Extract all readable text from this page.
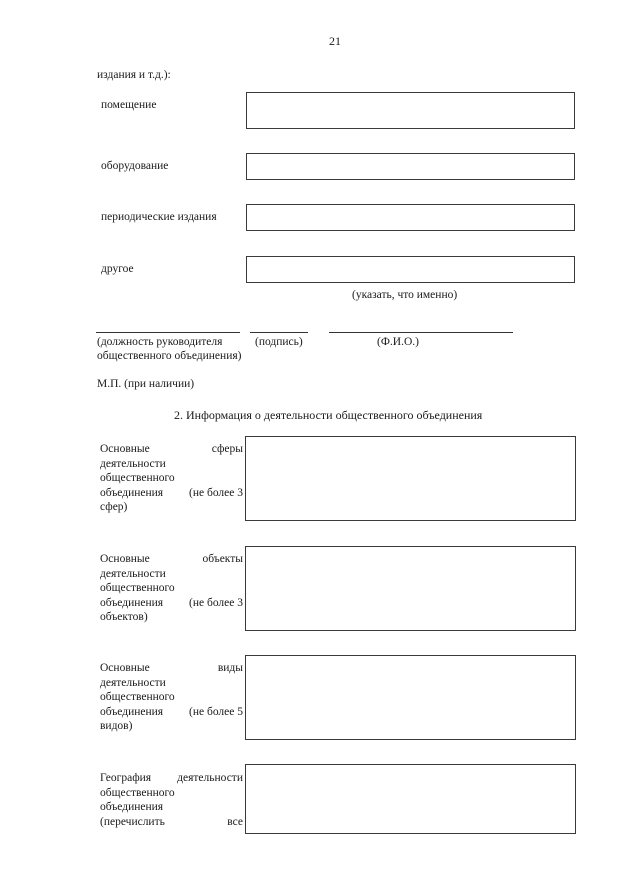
21
издания и т.д.):
помещение
оборудование
периодические издания
другое
(указать, что именно)
(должность руководителя	(подпись)	(Ф.И.О.)
общественного объединения)
М.П. (при наличии)
2. Информация о деятельности общественного объединения
Основные	сферы
деятельности
общественного
объединения (не более 3
сфер)
Основные	объекты
деятельности
общественного
объединения (не более 3
объектов)
Основные	виды
деятельности
общественного
объединения (не более 5
видов)
География деятельности
общественного
объединения
(перечислить	все
